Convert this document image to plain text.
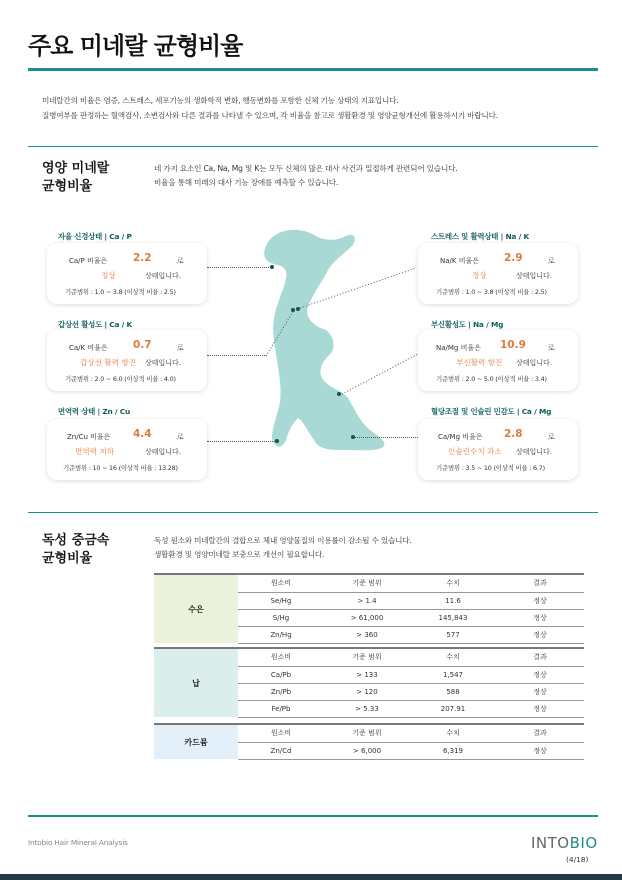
주요 미네랄 균형비율
미네랄간의 비율은 염증, 스트레스, 세포기능의 생화학적 변화, 행동변화를 포함한 신체 기능 상태의 지표입니다.
질병여부를 판정하는 혈액검사, 소변검사와 다른 결과를 나타낼 수 있으며, 각 비율을 참고로 생활환경 및 영양균형개선에 활용하시기 바랍니다.
영양 미네랄
균형비율
네 가지 요소인 Ca, Na, Mg 및 K는 모두 신체의 많은 대사 사건과 밀접하게 관련되어 있습니다.
비율을 통해 미래의 대사 기능 장애를 예측할 수 있습니다.
자율 신경상태 | Ca / P
Ca/P 비율은 2.2	로
정상	상태입니다.
기준범위 : 1.0 ~ 3.8 (이상적 비율 : 2.5)
갑상선 활성도 | Ca / K
Ca/K 비율은 0.7	로
갑상선 활력 항진 상태입니다.
기준범위 : 2.0 ~ 6.0 (이상적 비율 : 4.0)
면역력 상태 | Zn / Cu
Zn/Cu 비율은 4.4	로
면역력 저하	상태입니다.
기준범위 : 10 ~ 16 (이상적 비율 : 13.28)
스트레스 및 활력상태 | Na / K
Na/K 비율은 2.9	로
정상	상태입니다.
기준범위 : 1.0 ~ 3.8 (이상적 비율 : 2.5)
부신활성도 | Na / Mg
Na/Mg 비율은 10.9	로
부신활력 항진 상태입니다.
기준범위 : 2.0 ~ 5.0 (이상적 비율 : 3.4)
혈당조절 및 인슐린 민감도 | Ca / Mg
Ca/Mg 비율은 2.8	로
인슐린수치 과소 상태입니다.
기준범위 : 3.5 ~ 10 (이상적 비율 : 6.7)
독성 중금속
균형비율
독성 원소와 미네랄간의 결합으로 체내 영양물질의 이용률이 감소될 수 있습니다.
생활환경 및 영양미네랄 보충으로 개선이 필요합니다.
수은	원소비	기준 범위	수치	결과
	Se/Hg	> 1.4	11.6	정상
	S/Hg	> 61,000	145,843	정상
	Zn/Hg	> 360	577	정상
납	원소비	기준 범위	수치	결과
	Ca/Pb	> 133	1,547	정상
	Zn/Pb	> 120	588	정상
	Fe/Pb	> 5.33	207.91	정상
카드뮴	원소비	기준 범위	수치	결과
	Zn/Cd	> 6,000	6,319	정상
Intobio Hair Mineral Analysis	INTOBIO
(4/18)
